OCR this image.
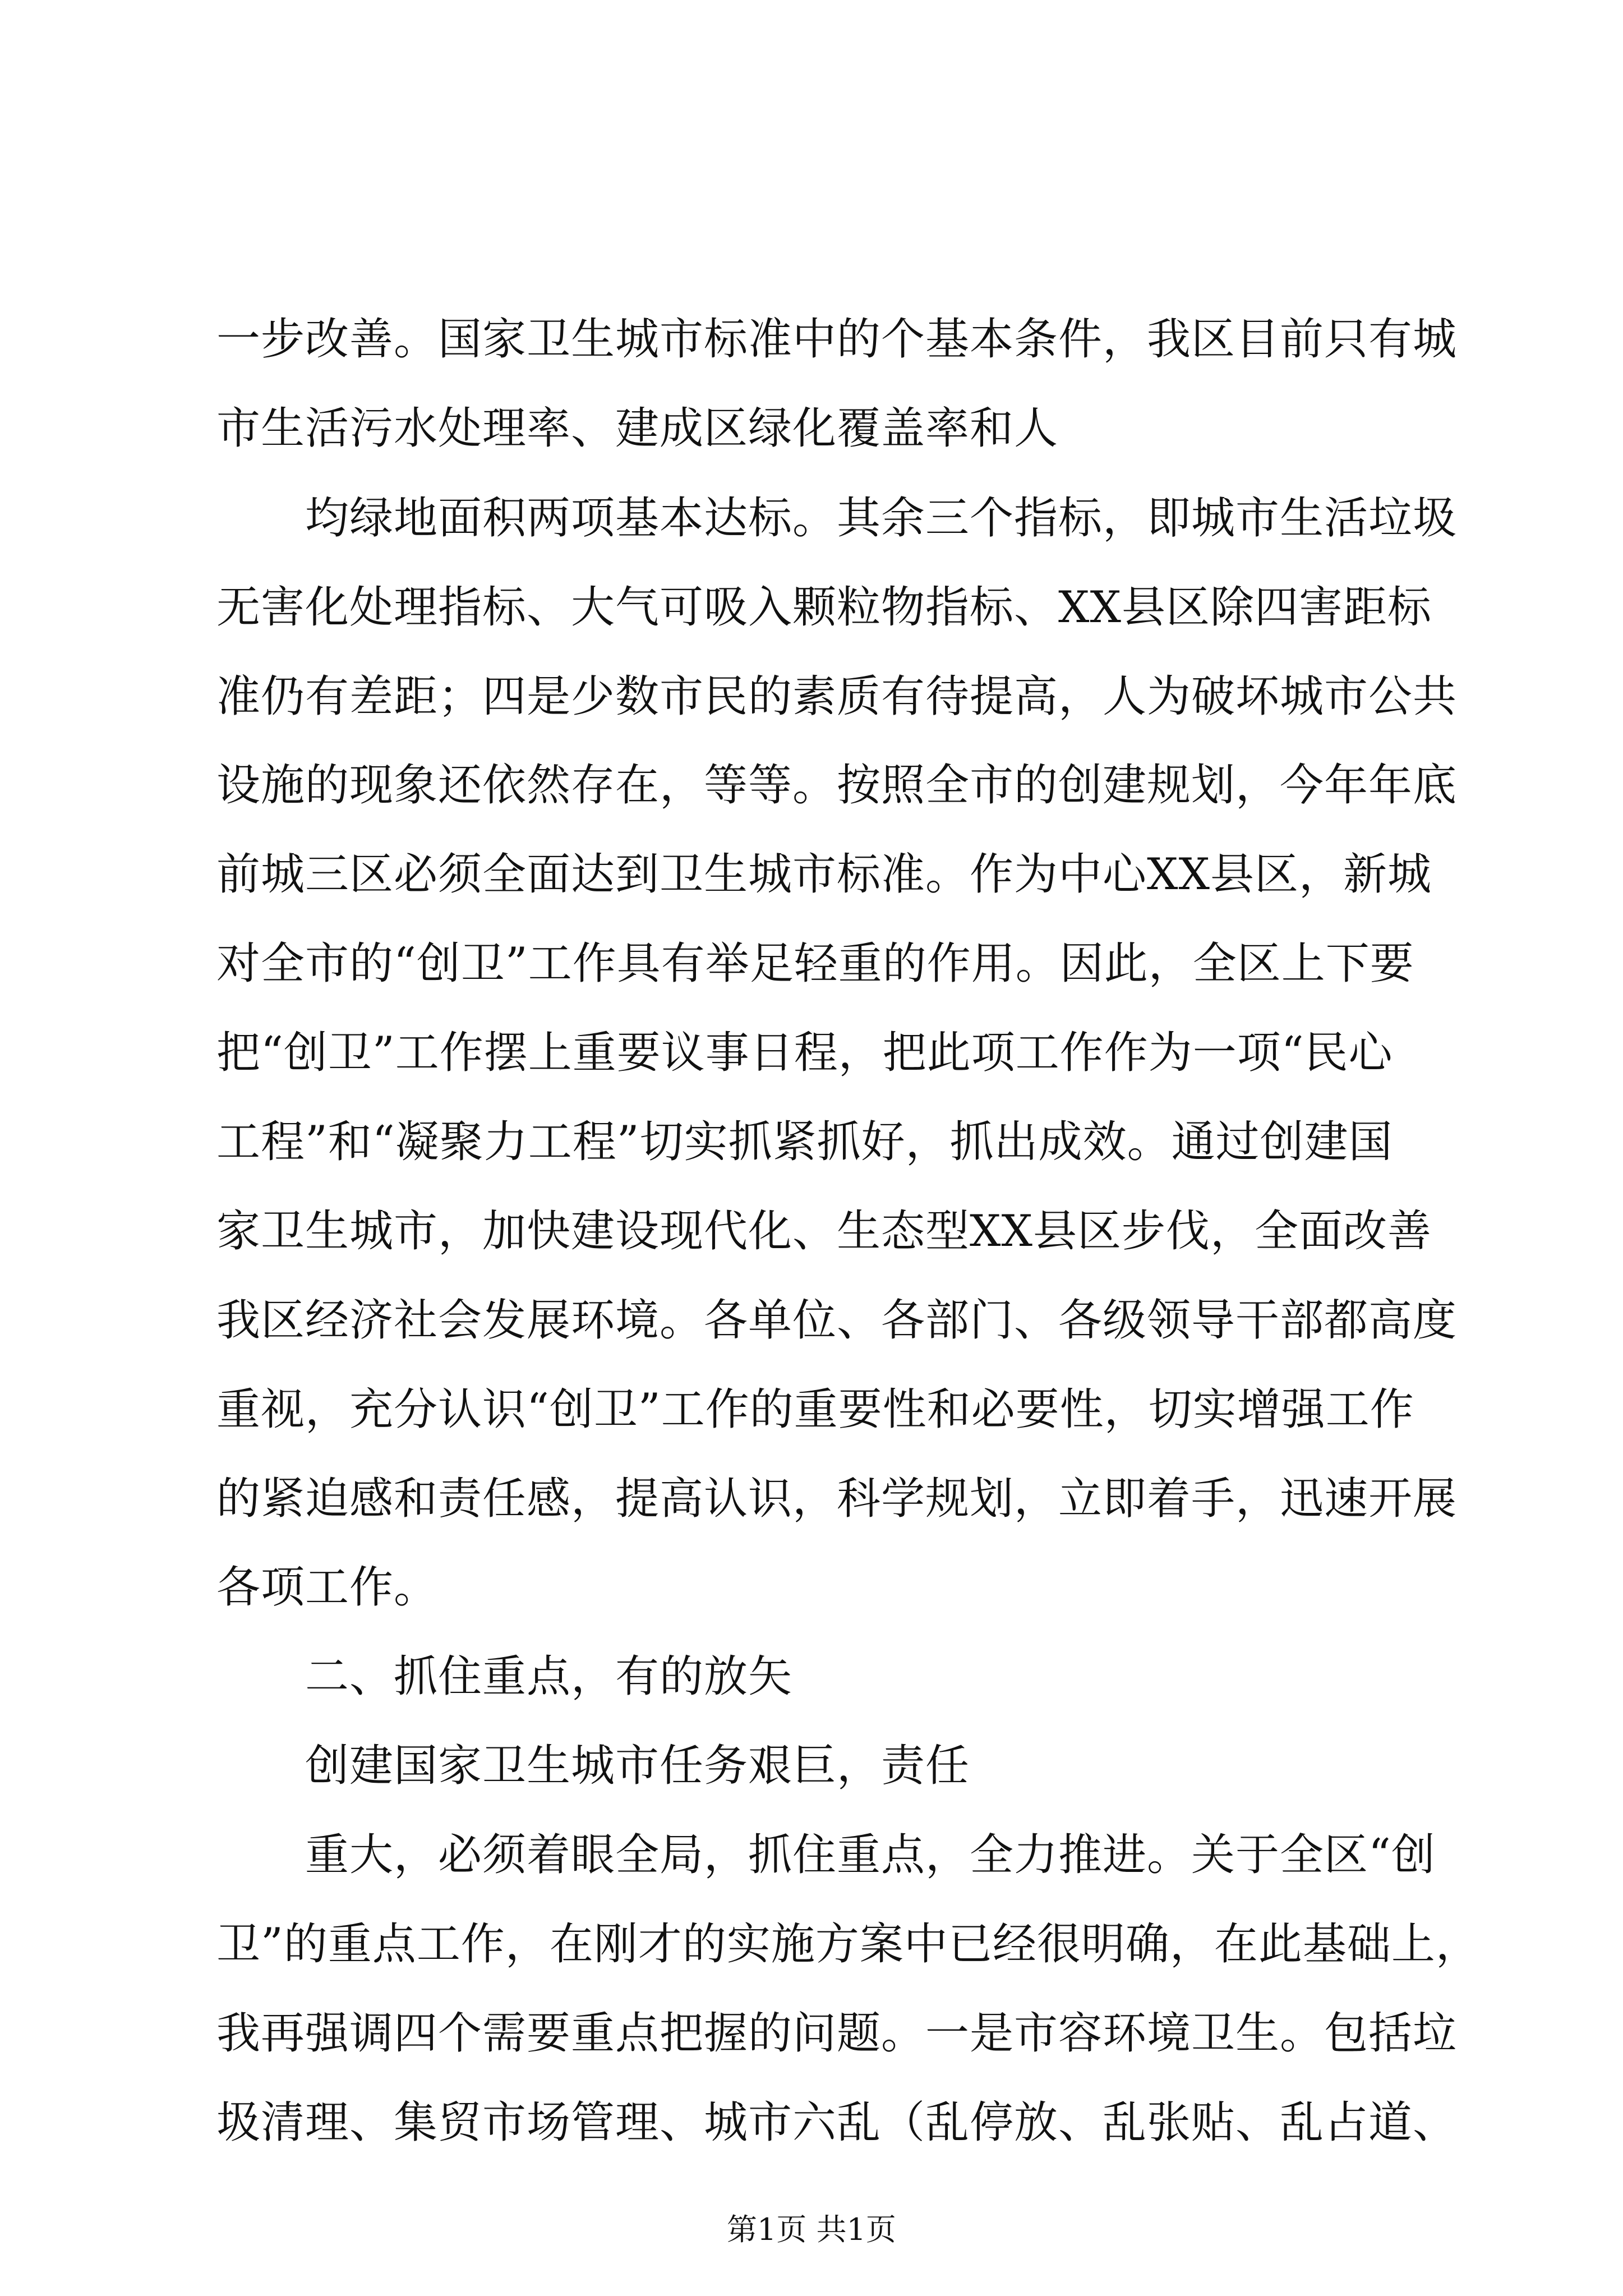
一步改善。国家卫生城市标准中的个基本条件，我区目前只有城
市生活污水处理率、建成区绿化覆盖率和人
均绿地面积两项基本达标。其余三个指标，即城市生活垃圾
无害化处理指标、大气可吸入颗粒物指标、XX县区除四害距标
准仍有差距；四是少数市民的素质有待提高，人为破坏城市公共
设施的现象还依然存在，等等。按照全市的创建规划，今年年底
前城三区必须全面达到卫生城市标准。作为中心XX县区，新城
对全市的“创卫”工作具有举足轻重的作用。因此，全区上下要
把“创卫”工作摆上重要议事日程，把此项工作作为一项“民心
工程”和“凝聚力工程”切实抓紧抓好，抓出成效。通过创建国
家卫生城市，加快建设现代化、生态型XX县区步伐，全面改善
我区经济社会发展环境。各单位、各部门、各级领导干部都高度
重视，充分认识“创卫”工作的重要性和必要性，切实增强工作
的紧迫感和责任感，提高认识，科学规划，立即着手，迅速开展
各项工作。
二、抓住重点，有的放矢
创建国家卫生城市任务艰巨，责任
重大，必须着眼全局，抓住重点，全力推进。关于全区“创
卫”的重点工作，在刚才的实施方案中已经很明确，在此基础上，
我再强调四个需要重点把握的问题。一是市容环境卫生。包括垃
圾清理、集贸市场管理、城市六乱（乱停放、乱张贴、乱占道、
第1页 共1页
